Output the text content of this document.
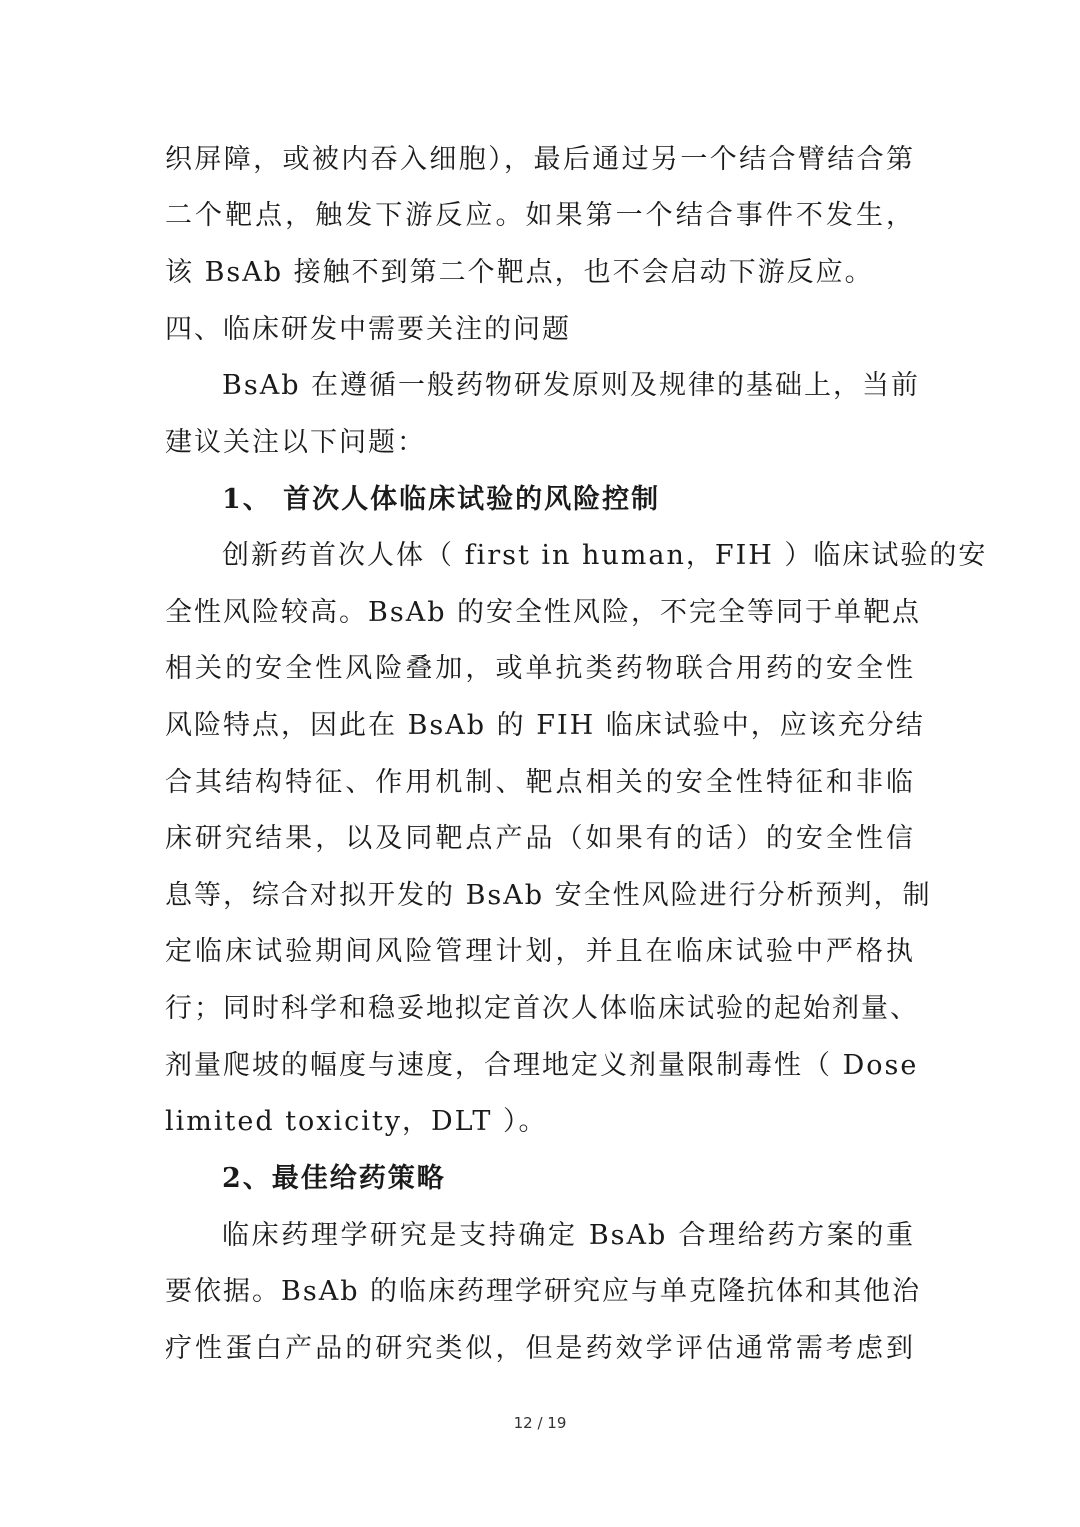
织屏障，或被内吞入细胞），最后通过另一个结合臂结合第
二个靶点，触发下游反应。如果第一个结合事件不发生，
该 BsAb 接触不到第二个靶点，也不会启动下游反应。
四、临床研发中需要关注的问题
BsAb 在遵循一般药物研发原则及规律的基础上，当前
建议关注以下问题：
1、 首次人体临床试验的风险控制
创新药首次人体（ first in human，FIH ）临床试验的安
全性风险较高。BsAb 的安全性风险，不完全等同于单靶点
相关的安全性风险叠加，或单抗类药物联合用药的安全性
风险特点，因此在 BsAb 的 FIH 临床试验中，应该充分结
合其结构特征、作用机制、靶点相关的安全性特征和非临
床研究结果，以及同靶点产品（如果有的话）的安全性信
息等，综合对拟开发的 BsAb 安全性风险进行分析预判，制
定临床试验期间风险管理计划，并且在临床试验中严格执
行；同时科学和稳妥地拟定首次人体临床试验的起始剂量、
剂量爬坡的幅度与速度，合理地定义剂量限制毒性（ Dose
limited toxicity，DLT ）。
2、最佳给药策略
临床药理学研究是支持确定 BsAb 合理给药方案的重
要依据。BsAb 的临床药理学研究应与单克隆抗体和其他治
疗性蛋白产品的研究类似，但是药效学评估通常需考虑到
12 / 19
